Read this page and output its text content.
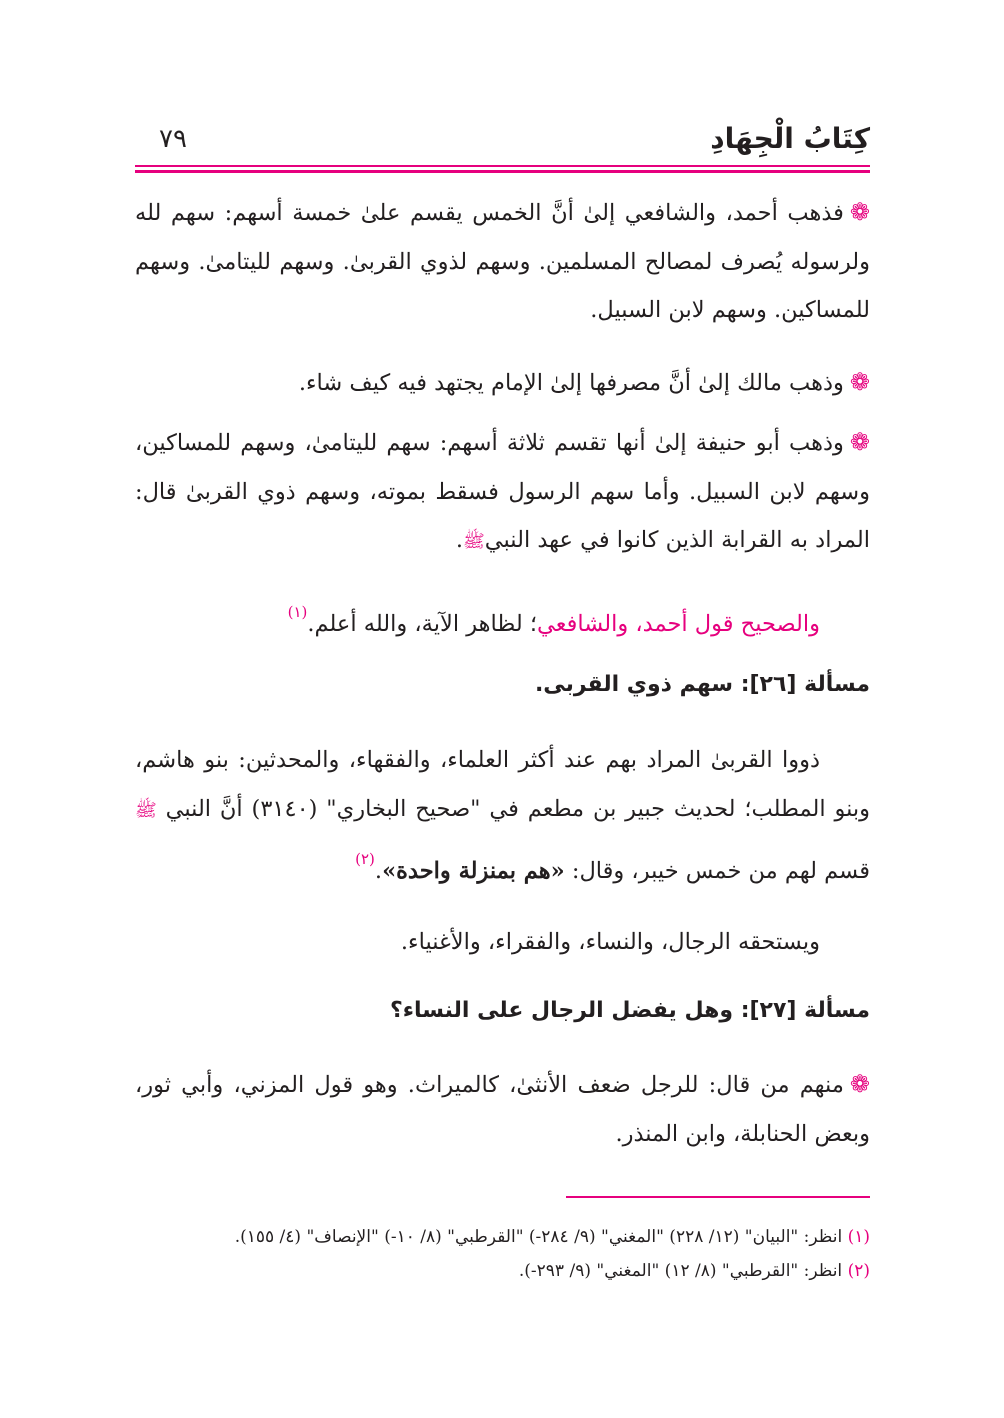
كِتَابُ الْجِهَادِ
٧٩
❁فذهب أحمد، والشافعي إلىٰ أنَّ الخمس يقسم علىٰ خمسة أسهم: سهم لله ولرسوله يُصرف لمصالح المسلمين. وسهم لذوي القربىٰ. وسهم لليتامىٰ. وسهم للمساكين. وسهم لابن السبيل.
❁وذهب مالك إلىٰ أنَّ مصرفها إلىٰ الإمام يجتهد فيه كيف شاء.
❁وذهب أبو حنيفة إلىٰ أنها تقسم ثلاثة أسهم: سهم لليتامىٰ، وسهم للمساكين، وسهم لابن السبيل. وأما سهم الرسول فسقط بموته، وسهم ذوي القربىٰ قال: المراد به القرابة الذين كانوا في عهد النبيﷺ.
والصحيح قول أحمد، والشافعي؛ لظاهر الآية، والله أعلم.$^{(١)}$
مسألة [٢٦]: سهم ذوي القربى.
ذووا القربىٰ المراد بهم عند أكثر العلماء، والفقهاء، والمحدثين: بنو هاشم، وبنو المطلب؛ لحديث جبير بن مطعم في "صحيح البخاري" (٣١٤٠) أنَّ النبي ﷺ قسم لهم من خمس خيبر، وقال: «هم بمنزلة واحدة».$^{(٢)}$
ويستحقه الرجال، والنساء، والفقراء، والأغنياء.
مسألة [٢٧]: وهل يفضل الرجال على النساء؟
❁منهم من قال: للرجل ضعف الأنثىٰ، كالميراث. وهو قول المزني، وأبي ثور، وبعض الحنابلة، وابن المنذر.
(١) انظر: "البيان" (١٢/ ٢٢٨) "المغني" (٩/ ٢٨٤-) "القرطبي" (٨/ ١٠-) "الإنصاف" (٤/ ١٥٥).
(٢) انظر: "القرطبي" (٨/ ١٢) "المغني" (٩/ ٢٩٣-).
